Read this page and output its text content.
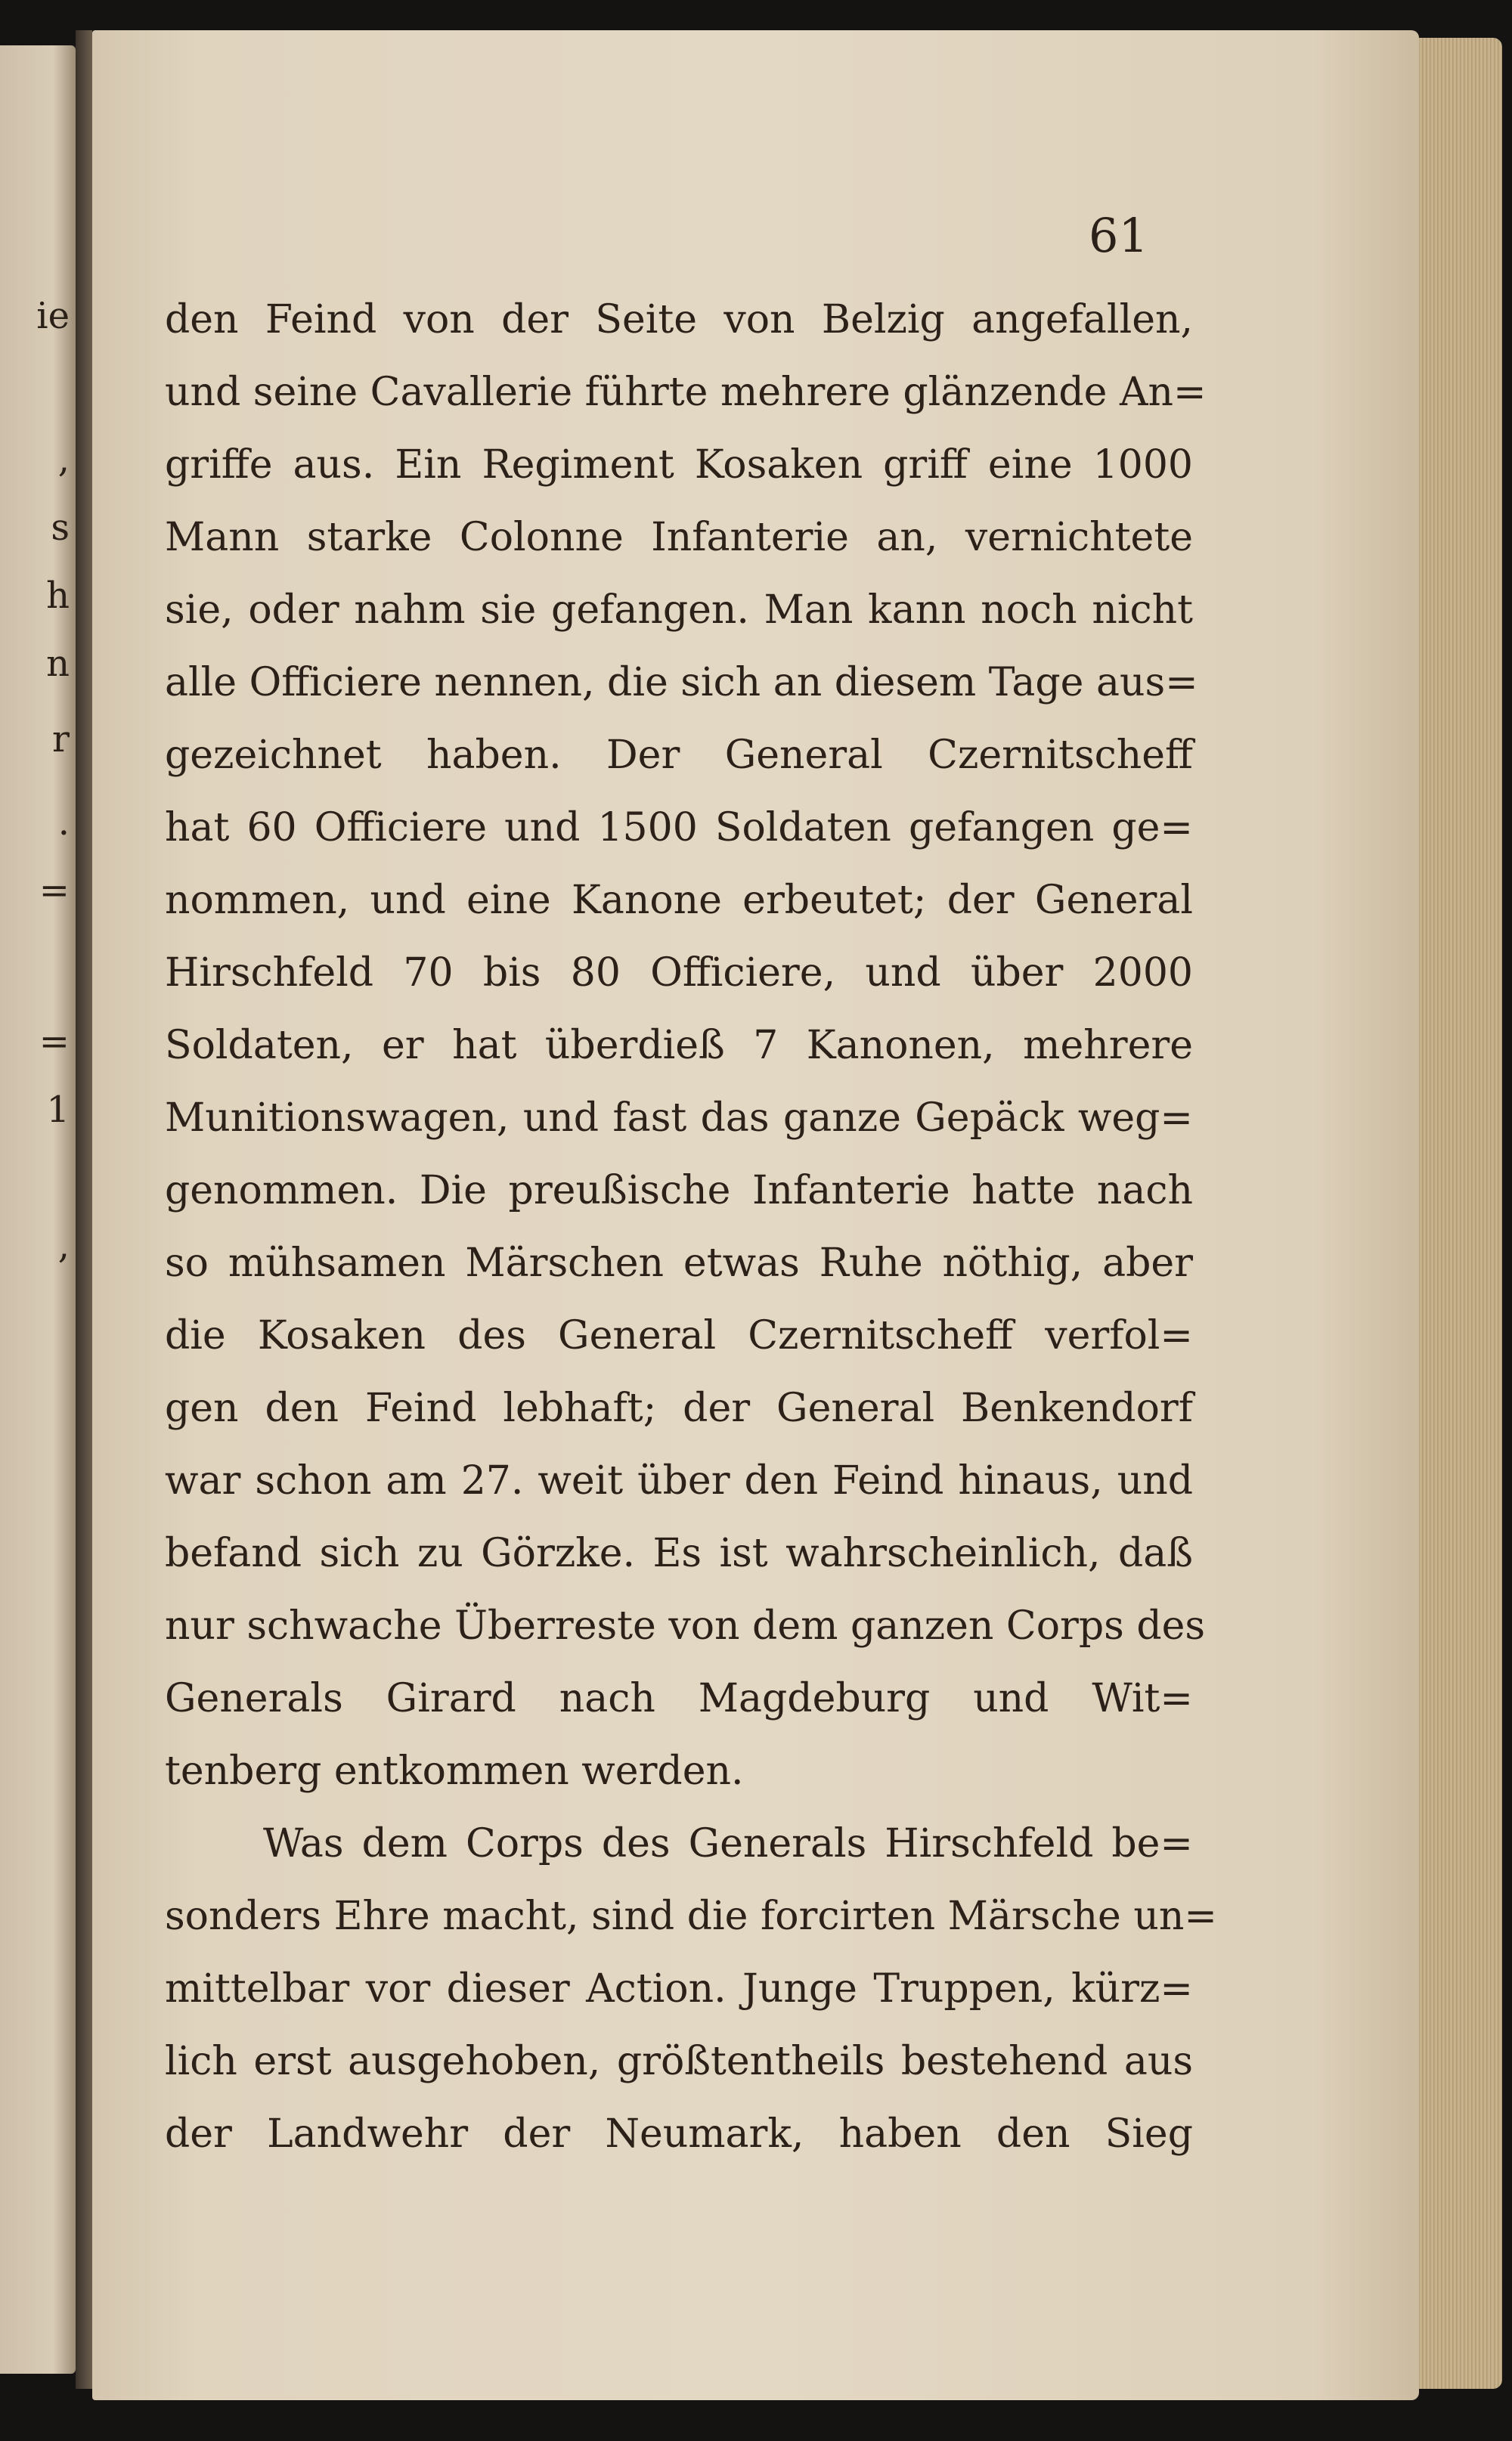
ie
,
s
h
n
r
.
=
=
1
,
61
den Feind von der Seite von Belzig angefallen,
und seine Cavallerie führte mehrere glänzende An=
griffe aus. Ein Regiment Kosaken griff eine 1000
Mann starke Colonne Infanterie an, vernichtete
sie, oder nahm sie gefangen. Man kann noch nicht
alle Officiere nennen, die sich an diesem Tage aus=
gezeichnet haben. Der General Czernitscheff
hat 60 Officiere und 1500 Soldaten gefangen ge=
nommen, und eine Kanone erbeutet; der General
Hirschfeld 70 bis 80 Officiere, und über 2000
Soldaten, er hat überdieß 7 Kanonen, mehrere
Munitionswagen, und fast das ganze Gepäck weg=
genommen. Die preußische Infanterie hatte nach
so mühsamen Märschen etwas Ruhe nöthig, aber
die Kosaken des General Czernitscheff verfol=
gen den Feind lebhaft; der General Benkendorf
war schon am 27. weit über den Feind hinaus, und
befand sich zu Görzke. Es ist wahrscheinlich, daß
nur schwache Überreste von dem ganzen Corps des
Generals Girard nach Magdeburg und Wit=
tenberg entkommen werden.
Was dem Corps des Generals Hirschfeld be=
sonders Ehre macht, sind die forcirten Märsche un=
mittelbar vor dieser Action. Junge Truppen, kürz=
lich erst ausgehoben, größtentheils bestehend aus
der Landwehr der Neumark, haben den Sieg
